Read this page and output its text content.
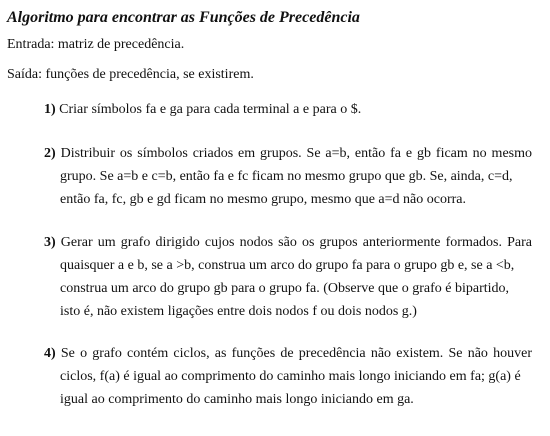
Algoritmo para encontrar as Funções de Precedência
Entrada: matriz de precedência.
Saída: funções de precedência, se existirem.
1) Criar símbolos fa e ga para cada terminal a e para o $.

2) Distribuir os símbolos criados em grupos. Se a=b, então fa e gb ficam no mesmo

grupo. Se a=b e c=b, então fa e fc ficam no mesmo grupo que gb. Se, ainda, c=d,

então fa, fc, gb e gd ficam no mesmo grupo, mesmo que a=d não ocorra.

3) Gerar um grafo dirigido cujos nodos são os grupos anteriormente formados. Para

quaisquer a e b, se a >b, construa um arco do grupo fa para o grupo gb e, se a <b,

construa um arco do grupo gb para o grupo fa. (Observe que o grafo é bipartido,

isto é, não existem ligações entre dois nodos f ou dois nodos g.)

4) Se o grafo contém ciclos, as funções de precedência não existem. Se não houver

ciclos, f(a) é igual ao comprimento do caminho mais longo iniciando em fa; g(a) é

igual ao comprimento do caminho mais longo iniciando em ga.
